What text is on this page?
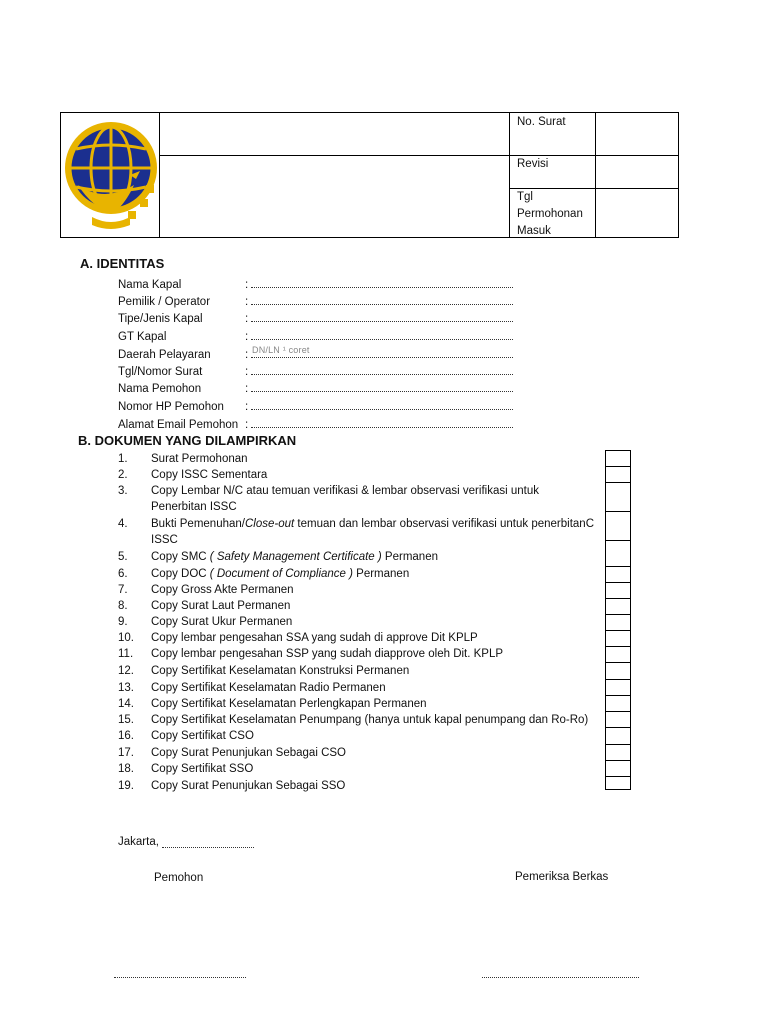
No. Surat
Revisi
Tgl
Permohonan
Masuk
A. IDENTITAS
Nama Kapal	:
Pemilik / Operator	:
Tipe/Jenis Kapal	:
GT Kapal	:
Daerah Pelayaran	:
Tgl/Nomor Surat	:
Nama Pemohon	:
Nomor HP Pemohon :
Alamat Email Pemohon :
DN/LN ¹ coret
B. DOKUMEN YANG DILAMPIRKAN
1.	Surat Permohonan
2.	Copy ISSC Sementara
3.	Copy Lembar N/C atau temuan verifikasi & lembar observasi verifikasi untuk
Penerbitan ISSC
4.	Bukti Pemenuhan/Close-out temuan dan lembar observasi verifikasi untuk penerbitanC
ISSC
5.	Copy SMC ( Safety Management Certificate ) Permanen
6.	Copy DOC ( Document of Compliance ) Permanen
7.	Copy Gross Akte Permanen
8.	Copy Surat Laut Permanen
9.	Copy Surat Ukur Permanen
10.	Copy lembar pengesahan SSA yang sudah di approve Dit KPLP
11.	Copy lembar pengesahan SSP yang sudah diapprove oleh Dit. KPLP
12.	Copy Sertifikat Keselamatan Konstruksi Permanen
13.	Copy Sertifikat Keselamatan Radio Permanen
14.	Copy Sertifikat Keselamatan Perlengkapan Permanen
15.	Copy Sertifikat Keselamatan Penumpang (hanya untuk kapal penumpang dan Ro-Ro)
16.	Copy Sertifikat CSO
17.	Copy Surat Penunjukan Sebagai CSO
18.	Copy Sertifikat SSO
19.	Copy Surat Penunjukan Sebagai SSO
Jakarta,
Pemohon	Pemeriksa Berkas
